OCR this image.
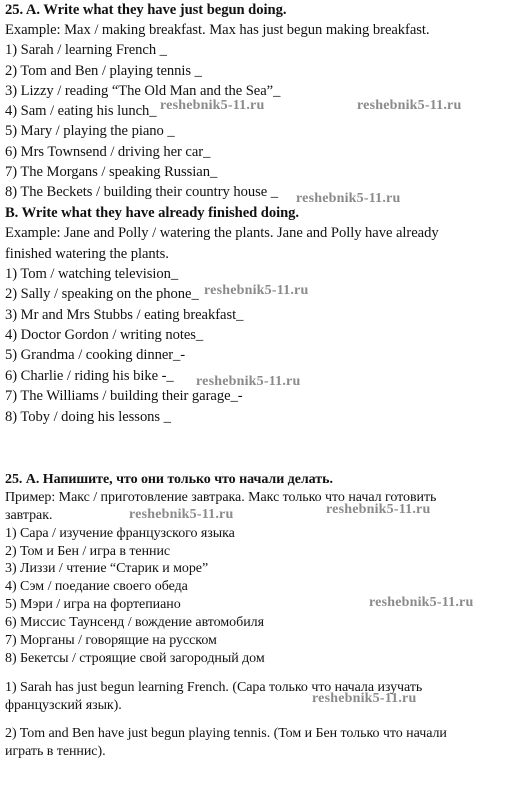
25. A. Write what they have just begun doing.

Example: Max / making breakfast. Max has just begun making breakfast.

1) Sarah / learning French _

2) Tom and Ben / playing tennis _

3) Lizzy / reading “The Old Man and the Sea”_

4) Sam / eating his lunch_

5) Mary / playing the piano _

6) Mrs Townsend / driving her car_

7) The Morgans / speaking Russian_

8) The Beckets / building their country house _

B. Write what they have already finished doing.

Example: Jane and Polly / watering the plants. Jane and Polly have already

finished watering the plants.

1) Tom / watching television_

2) Sally / speaking on the phone_

3) Mr and Mrs Stubbs / eating breakfast_

4) Doctor Gordon / writing notes_

5) Grandma / cooking dinner_-

6) Charlie / riding his bike -_

7) The Williams / building their garage_-

8) Toby / doing his lessons _

25. А. Напишите, что они только что начали делать.

Пример: Макс / приготовление завтрака. Макс только что начал готовить

завтрак.

1) Сара / изучение французского языка

2) Том и Бен / игра в теннис

3) Лиззи / чтение “Старик и море”

4) Сэм / поедание своего обеда

5) Мэри / игра на фортепиано

6) Миссис Таунсенд / вождение автомобиля

7) Морганы / говорящие на русском

8) Бекетсы / строящие свой загородный дом

1) Sarah has just begun learning French. (Сара только что начала изучать

французский язык).

2) Tom and Ben have just begun playing tennis. (Том и Бен только что начали

играть в теннис).

reshebnik5-11.ru	reshebnik5-11.ru
reshebnik5-11.ru
reshebnik5-11.ru
reshebnik5-11.ru
reshebnik5-11.ru	reshebnik5-11.ru
reshebnik5-11.ru
reshebnik5-11.ru
